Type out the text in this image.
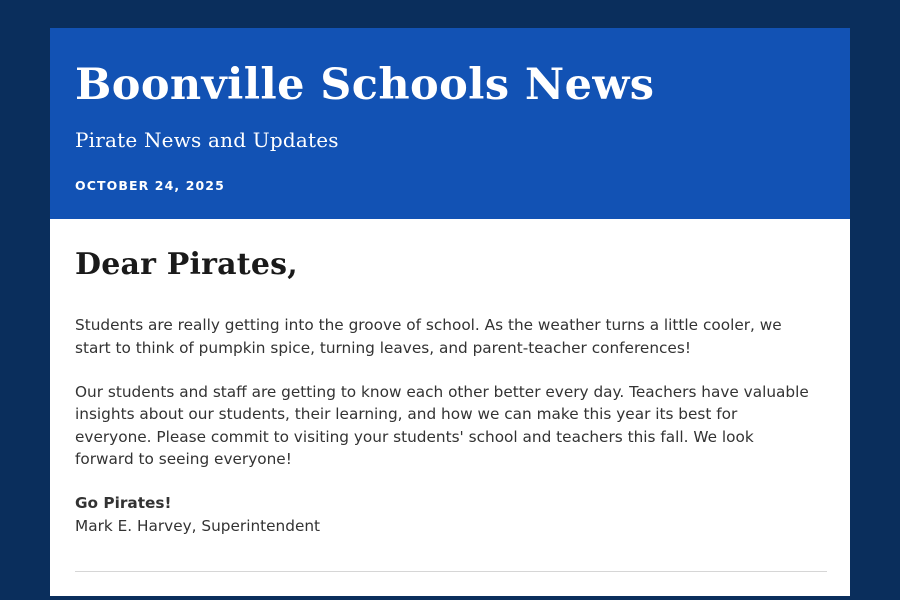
Boonville Schools News

Pirate News and Updates

OCTOBER 24, 2025

Dear Pirates,

Students are really getting into the groove of school. As the weather turns a little cooler, we start to think of pumpkin spice, turning leaves, and parent-teacher conferences!

Our students and staff are getting to know each other better every day. Teachers have valuable insights about our students, their learning, and how we can make this year its best for everyone. Please commit to visiting your students' school and teachers this fall. We look forward to seeing everyone!

Go Pirates!

Mark E. Harvey, Superintendent
